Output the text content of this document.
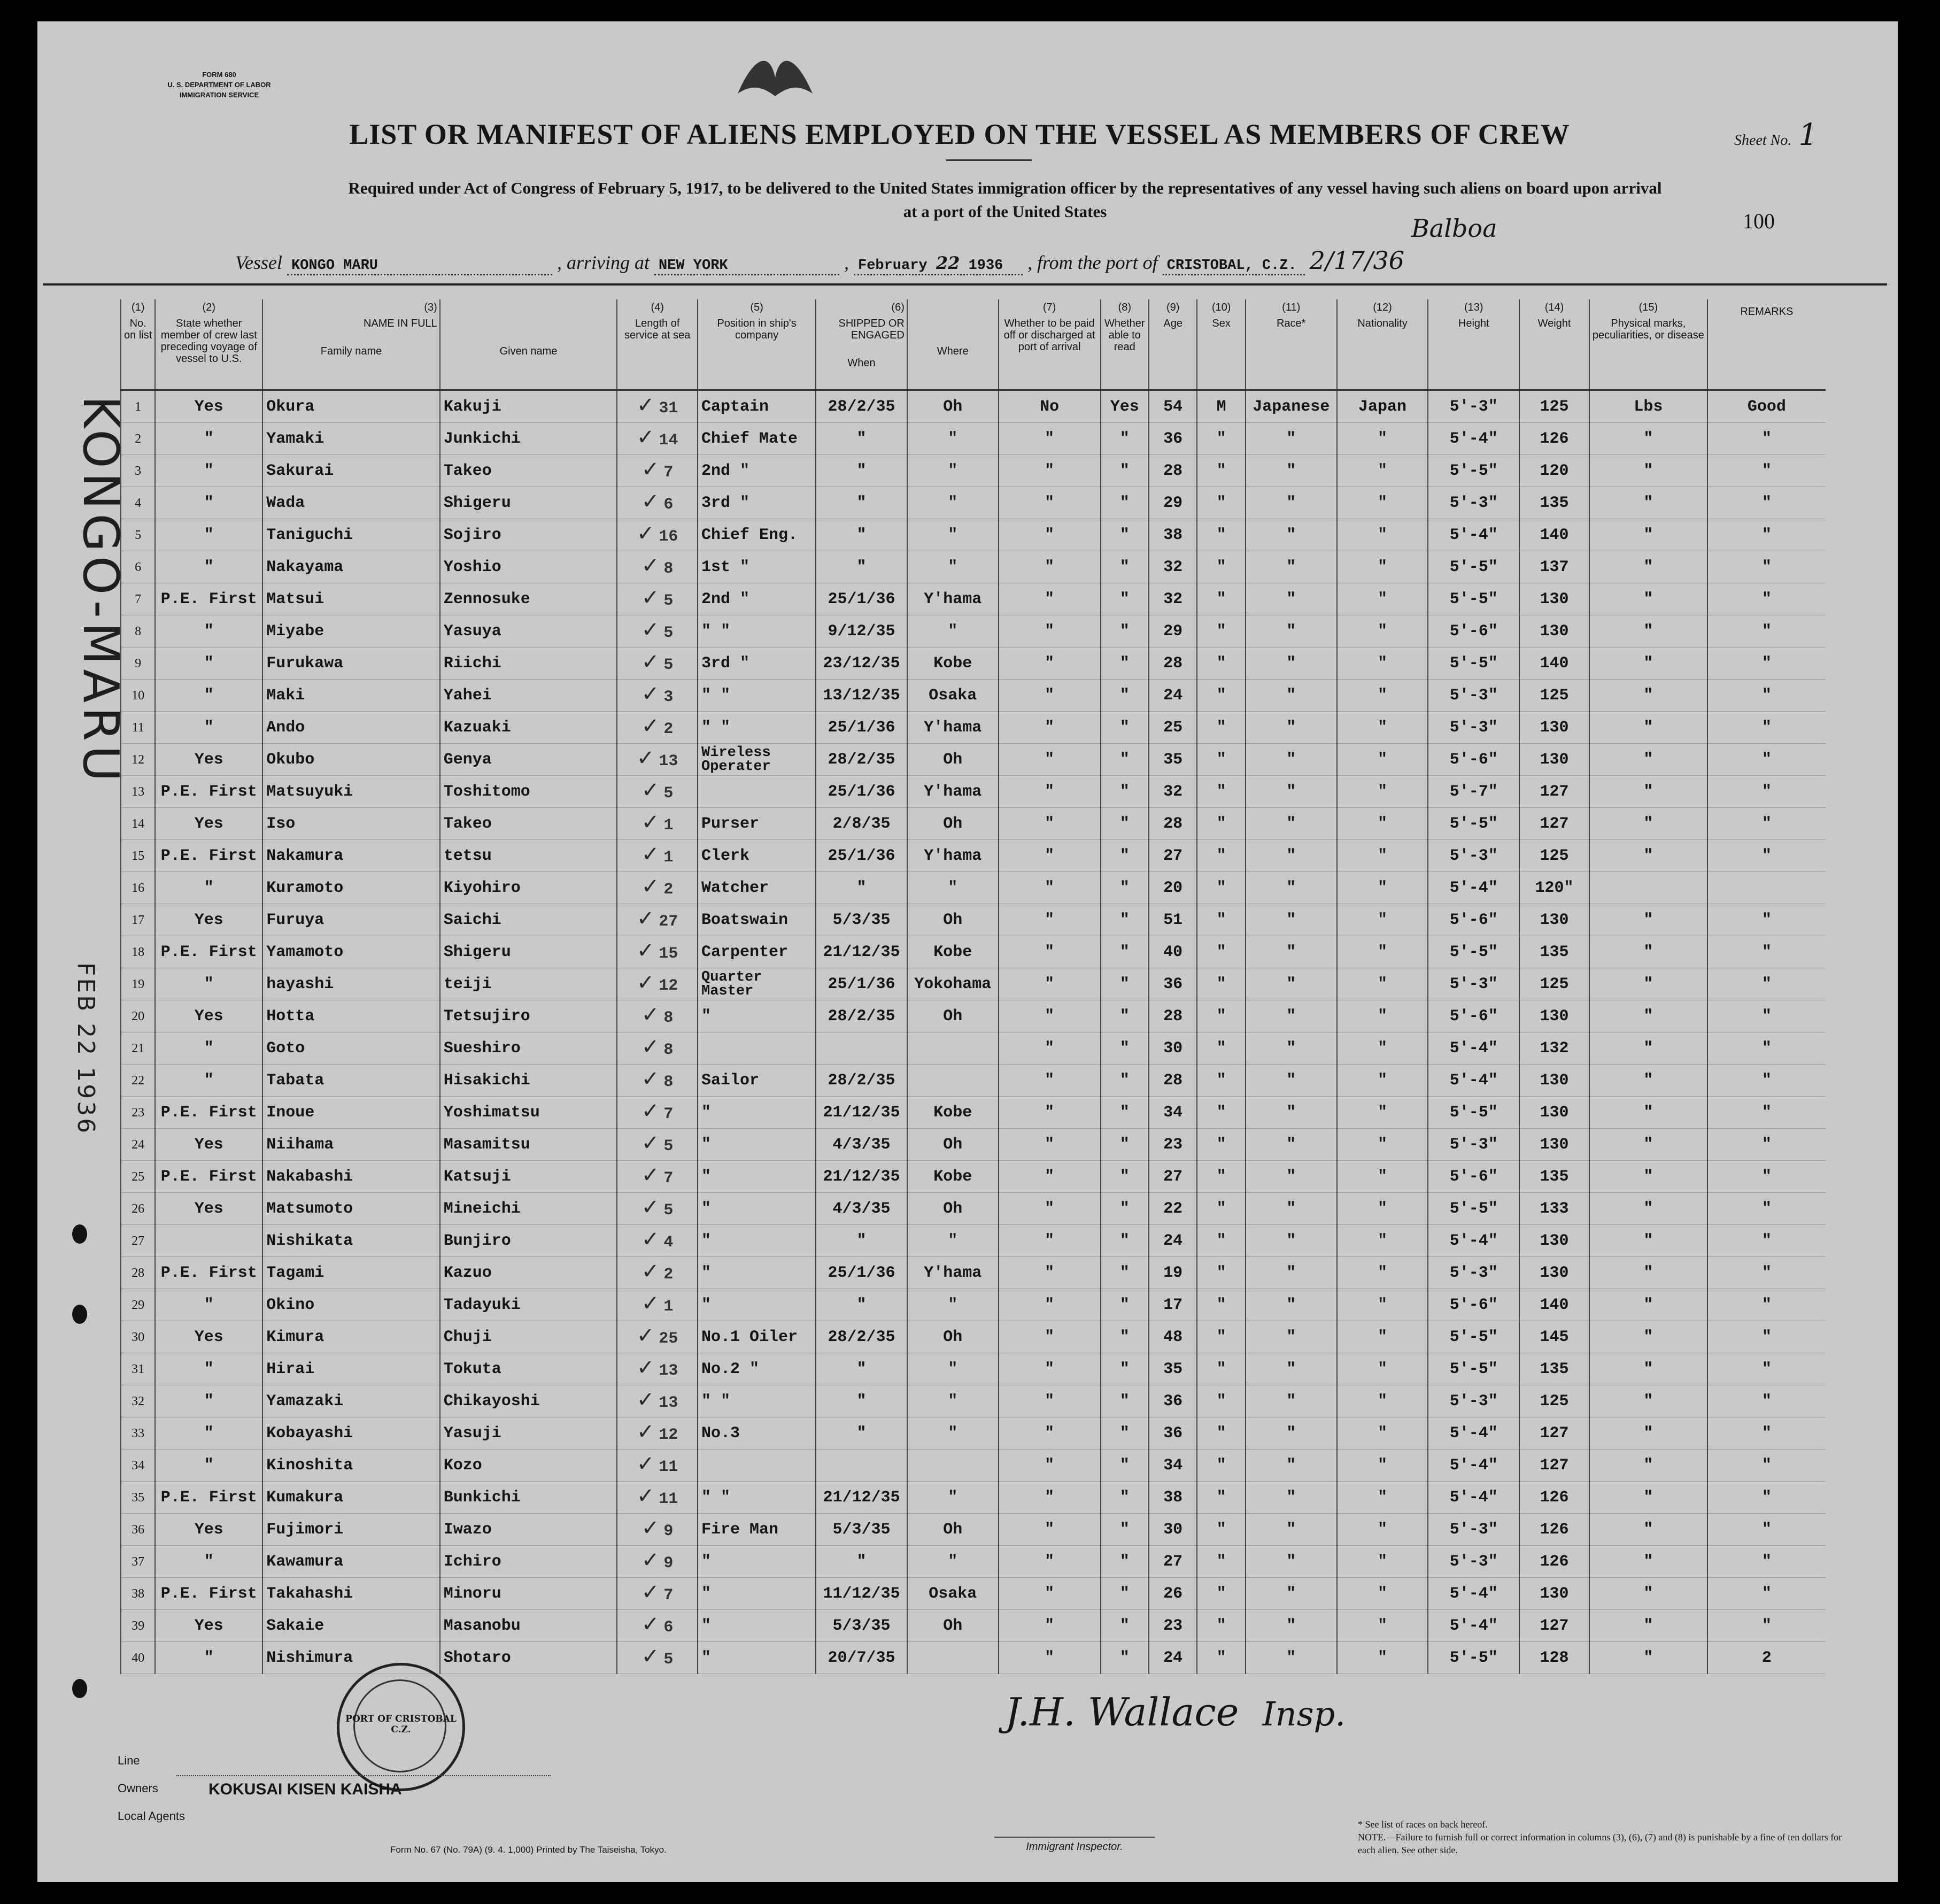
FORM 680
U. S. DEPARTMENT OF LABOR
IMMIGRATION SERVICE
LIST OR MANIFEST OF ALIENS EMPLOYED ON THE VESSEL AS MEMBERS OF CREW	Sheet No. 1
Required under Act of Congress of February 5, 1917, to be delivered to the United States immigration officer by the representatives of any vessel having such aliens on board upon arrival
at a port of the United States	100
Balboa
Vessel KONGO MARU	, arriving at NEW YORK	, February 22 1936 , from the port of CRISTOBAL, C.Z. 2/17/36
KONGO-MARU
FEB 22 1936
(1)
No. on list	(2)
State whether member of crew last preceding voyage of vessel to U.S.	(3)
NAME IN FULL
Family name	Given name	(4)
Length of service at sea	(5)
Position in ship's company	(6)
SHIPPED OR ENGAGED
When	Where	(7)
Whether to be paid off or discharged at port of arrival	(8)
Whether able to read	(9)
Age	(10)
Sex	(11)
Race*	(12)
Nationality	(13)
Height	(14)
Weight	(15)
Physical marks, peculiarities, or disease	REMARKS
1	Yes	Okura	Kakuji	✓ 31	Captain	28/2/35	Oh	No	Yes	54	M	Japanese	Japan	5'-3"	125	Lbs	Good
2	"	Yamaki	Junkichi	✓ 14	Chief Mate	"	"	"	"	36	"	"	"	5'-4"	126	"	"
3	"	Sakurai	Takeo	✓ 7	2nd "	"	"	"	"	28	"	"	"	5'-5"	120	"	"
4	"	Wada	Shigeru	✓ 6	3rd "	"	"	"	"	29	"	"	"	5'-3"	135	"	"
5	"	Taniguchi	Sojiro	✓ 16	Chief Eng.	"	"	"	"	38	"	"	"	5'-4"	140	"	"
6	"	Nakayama	Yoshio	✓ 8	1st "	"	"	"	"	32	"	"	"	5'-5"	137	"	"
7	P.E. First	Matsui	Zennosuke	✓ 5	2nd "	25/1/36	Y'hama	"	"	32	"	"	"	5'-5"	130	"	"
8	"	Miyabe	Yasuya	✓ 5	" "	9/12/35	"	"	"	29	"	"	"	5'-6"	130	"	"
9	"	Furukawa	Riichi	✓ 5	3rd "	23/12/35	Kobe	"	"	28	"	"	"	5'-5"	140	"	"
10	"	Maki	Yahei	✓ 3	" "	13/12/35	Osaka	"	"	24	"	"	"	5'-3"	125	"	"
11	"	Ando	Kazuaki	✓ 2	" "	25/1/36	Y'hama	"	"	25	"	"	"	5'-3"	130	"	"
12	Yes	Okubo	Genya	✓ 13	Wireless Operater	28/2/35	Oh	"	"	35	"	"	"	5'-6"	130	"	"
13	P.E. First	Matsuyuki	Toshitomo	✓ 5		25/1/36	Y'hama	"	"	32	"	"	"	5'-7"	127	"	"
14	Yes	Iso	Takeo	✓ 1	Purser	2/8/35	Oh	"	"	28	"	"	"	5'-5"	127	"	"
15	P.E. First	Nakamura	tetsu	✓ 1	Clerk	25/1/36	Y'hama	"	"	27	"	"	"	5'-3"	125	"	"
16	"	Kuramoto	Kiyohiro	✓ 2	Watcher	"	"	"	"	20	"	"	"	5'-4"	120"		
17	Yes	Furuya	Saichi	✓ 27	Boatswain	5/3/35	Oh	"	"	51	"	"	"	5'-6"	130	"	"
18	P.E. First	Yamamoto	Shigeru	✓ 15	Carpenter	21/12/35	Kobe	"	"	40	"	"	"	5'-5"	135	"	"
19	"	hayashi	teiji	✓ 12	Quarter Master	25/1/36	Yokohama	"	"	36	"	"	"	5'-3"	125	"	"
20	Yes	Hotta	Tetsujiro	✓ 8	"	28/2/35	Oh	"	"	28	"	"	"	5'-6"	130	"	"
21	"	Goto	Sueshiro	✓ 8				"	"	30	"	"	"	5'-4"	132	"	"
22	"	Tabata	Hisakichi	✓ 8	Sailor	28/2/35		"	"	28	"	"	"	5'-4"	130	"	"
23	P.E. First	Inoue	Yoshimatsu	✓ 7	"	21/12/35	Kobe	"	"	34	"	"	"	5'-5"	130	"	"
24	Yes	Niihama	Masamitsu	✓ 5	"	4/3/35	Oh	"	"	23	"	"	"	5'-3"	130	"	"
25	P.E. First	Nakabashi	Katsuji	✓ 7	"	21/12/35	Kobe	"	"	27	"	"	"	5'-6"	135	"	"
26	Yes	Matsumoto	Mineichi	✓ 5	"	4/3/35	Oh	"	"	22	"	"	"	5'-5"	133	"	"
27		Nishikata	Bunjiro	✓ 4	"	"	"	"	"	24	"	"	"	5'-4"	130	"	"
28	P.E. First	Tagami	Kazuo	✓ 2	"	25/1/36	Y'hama	"	"	19	"	"	"	5'-3"	130	"	"
29	"	Okino	Tadayuki	✓ 1	"	"	"	"	"	17	"	"	"	5'-6"	140	"	"
30	Yes	Kimura	Chuji	✓ 25	No.1 Oiler	28/2/35	Oh	"	"	48	"	"	"	5'-5"	145	"	"
31	"	Hirai	Tokuta	✓ 13	No.2 "	"	"	"	"	35	"	"	"	5'-5"	135	"	"
32	"	Yamazaki	Chikayoshi	✓ 13	" "	"	"	"	"	36	"	"	"	5'-3"	125	"	"
33	"	Kobayashi	Yasuji	✓ 12	No.3	"	"	"	"	36	"	"	"	5'-4"	127	"	"
34	"	Kinoshita	Kozo	✓ 11				"	"	34	"	"	"	5'-4"	127	"	"
35	P.E. First	Kumakura	Bunkichi	✓ 11	" "	21/12/35	"	"	"	38	"	"	"	5'-4"	126	"	"
36	Yes	Fujimori	Iwazo	✓ 9	Fire Man	5/3/35	Oh	"	"	30	"	"	"	5'-3"	126	"	"
37	"	Kawamura	Ichiro	✓ 9	"	"	"	"	"	27	"	"	"	5'-3"	126	"	"
38	P.E. First	Takahashi	Minoru	✓ 7	"	11/12/35	Osaka	"	"	26	"	"	"	5'-4"	130	"	"
39	Yes	Sakaie	Masanobu	✓ 6	"	5/3/35	Oh	"	"	23	"	"	"	5'-4"	127	"	"
40	"	Nishimura	Shotaro	✓ 5	"	20/7/35		"	"	24	"	"	"	5'-5"	128	"	2
PORT OF CRISTOBAL C.Z.	J.H. Wallace Insp.
Line
Owners
Local Agents
KOKUSAI KISEN KAISHA
Form No. 67 (No. 79A) (9. 4. 1,000) Printed by The Taiseisha, Tokyo.	Immigrant Inspector.
* See list of races on back hereof.
NOTE.—Failure to furnish full or correct information in columns (3), (6), (7) and (8) is punishable by a fine of ten dollars for each alien. See other side.
